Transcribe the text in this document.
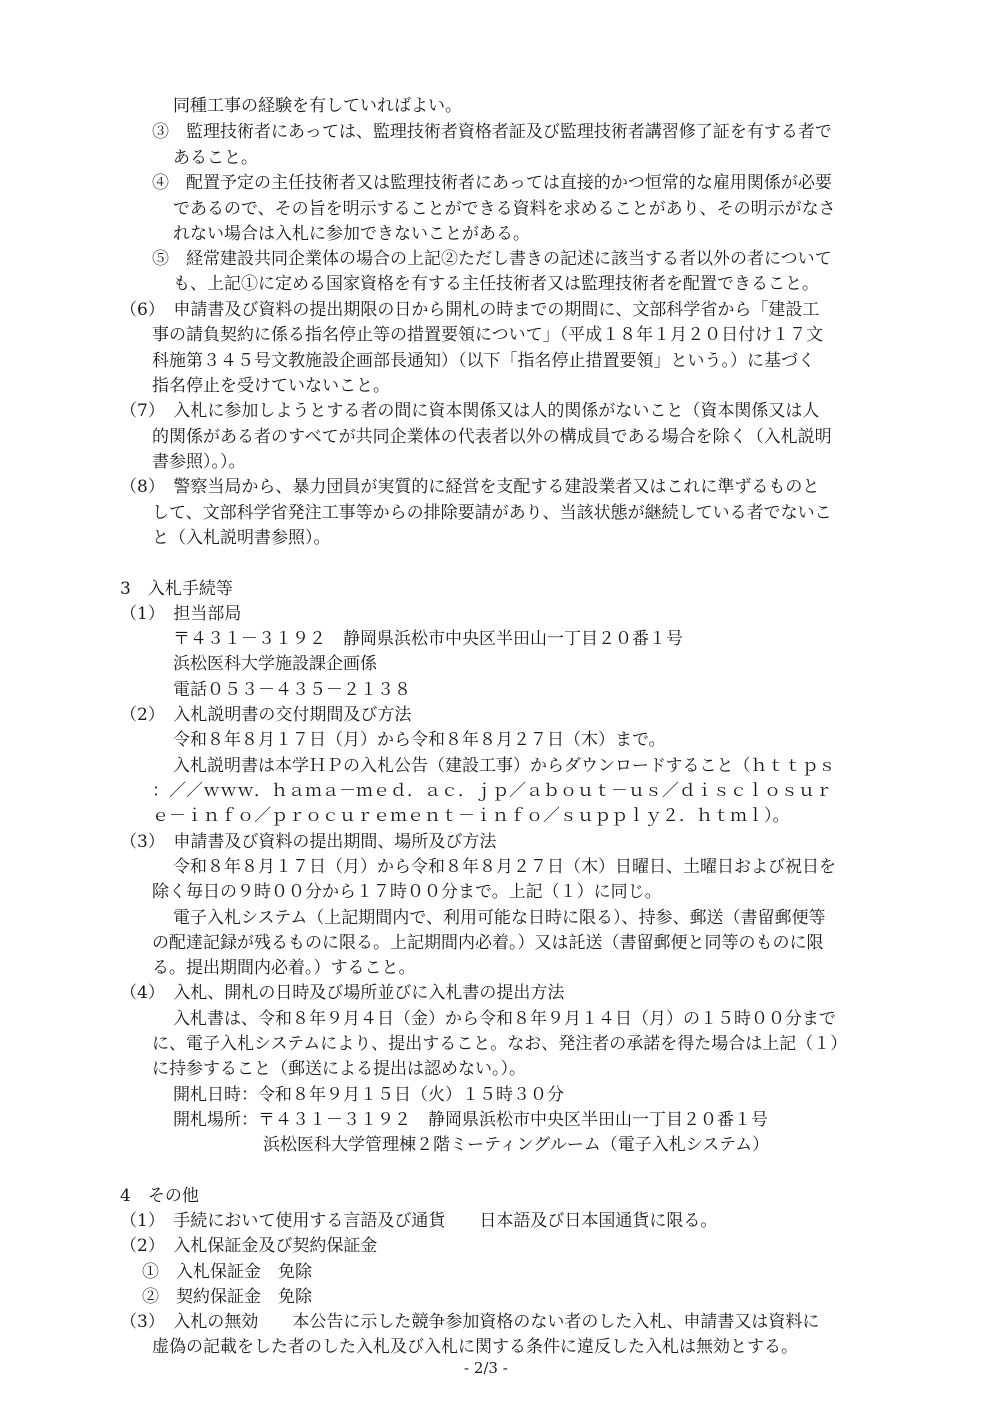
同種工事の経験を有していればよい。
③　監理技術者にあっては、監理技術者資格者証及び監理技術者講習修了証を有する者で
あること。
④　配置予定の主任技術者又は監理技術者にあっては直接的かつ恒常的な雇用関係が必要
であるので、その旨を明示することができる資料を求めることがあり、その明示がなさ
れない場合は入札に参加できないことがある。
⑤　経常建設共同企業体の場合の上記②ただし書きの記述に該当する者以外の者について
も、上記①に定める国家資格を有する主任技術者又は監理技術者を配置できること。
（6）　申請書及び資料の提出期限の日から開札の時までの期間に、文部科学省から「建設工
事の請負契約に係る指名停止等の措置要領について」（平成１８年１月２０日付け１７文
科施第３４５号文教施設企画部長通知）（以下「指名停止措置要領」という。）に基づく
指名停止を受けていないこと。
（7）　入札に参加しようとする者の間に資本関係又は人的関係がないこと（資本関係又は人
的関係がある者のすべてが共同企業体の代表者以外の構成員である場合を除く（入札説明
書参照）。）。
（8）　警察当局から、暴力団員が実質的に経営を支配する建設業者又はこれに準ずるものと
して、文部科学省発注工事等からの排除要請があり、当該状態が継続している者でないこ
と（入札説明書参照）。
3　入札手続等
（1）　担当部局
〒４３１－３１９２　静岡県浜松市中央区半田山一丁目２０番１号
浜松医科大学施設課企画係
電話０５３－４３５－２１３８
（2）　入札説明書の交付期間及び方法
令和８年８月１７日（月）から令和８年８月２７日（木）まで。
入札説明書は本学ＨＰの入札公告（建設工事）からダウンロードすること（ｈｔｔｐｓ
：／／ｗｗｗ．ｈａｍａ－ｍｅｄ．ａｃ．ｊｐ／ａｂｏｕｔ－ｕｓ／ｄｉｓｃｌｏｓｕｒ
ｅ－ｉｎｆｏ／ｐｒｏｃｕｒｅｍｅｎｔ－ｉｎｆｏ／ｓｕｐｐｌｙ２．ｈｔｍｌ）。
（3）　申請書及び資料の提出期間、場所及び方法
令和８年８月１７日（月）から令和８年８月２７日（木）日曜日、土曜日および祝日を
除く毎日の９時００分から１７時００分まで。上記（１）に同じ。
電子入札システム（上記期間内で、利用可能な日時に限る）、持参、郵送（書留郵便等
の配達記録が残るものに限る。上記期間内必着。）又は託送（書留郵便と同等のものに限
る。提出期間内必着。）すること。
（4）　入札、開札の日時及び場所並びに入札書の提出方法
入札書は、令和８年９月４日（金）から令和８年９月１４日（月）の１５時００分まで
に、電子入札システムにより、提出すること。なお、発注者の承諾を得た場合は上記（１）
に持参すること（郵送による提出は認めない。）。
開札日時：令和８年９月１５日（火）１５時３０分
開札場所：〒４３１－３１９２　静岡県浜松市中央区半田山一丁目２０番１号
浜松医科大学管理棟２階ミーティングルーム（電子入札システム）
4　その他
（1）　手続において使用する言語及び通貨　　日本語及び日本国通貨に限る。
（2）　入札保証金及び契約保証金
①　入札保証金　免除
②　契約保証金　免除
（3）　入札の無効　　本公告に示した競争参加資格のない者のした入札、申請書又は資料に
虚偽の記載をした者のした入札及び入札に関する条件に違反した入札は無効とする。
- 2/3 -
